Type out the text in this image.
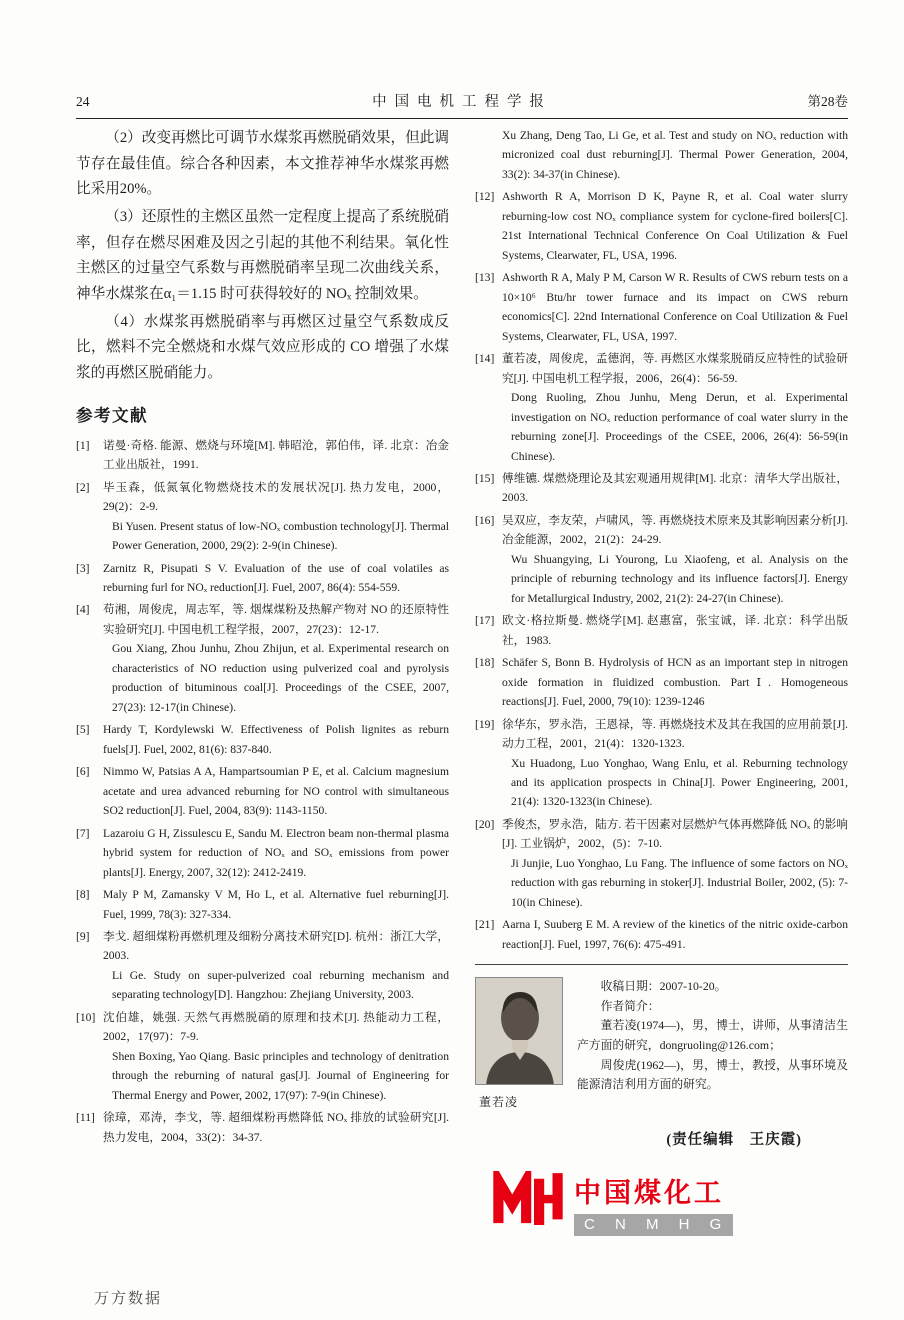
24	中国电机工程学报	第28卷

（2）改变再燃比可调节水煤浆再燃脱硝效果，但此调节存在最佳值。综合各种因素，本文推荐神华水煤浆再燃比采用20%。

（3）还原性的主燃区虽然一定程度上提高了系统脱硝率，但存在燃尽困难及因之引起的其他不利结果。氧化性主燃区的过量空气系数与再燃脱硝率呈现二次曲线关系，神华水煤浆在α₁＝1.15 时可获得较好的 NOₓ 控制效果。

（4）水煤浆再燃脱硝率与再燃区过量空气系数成反比，燃料不完全燃烧和水煤气效应形成的 CO 增强了水煤浆的再燃区脱硝能力。

参考文献
[1]	诺曼·奇格. 能源、燃烧与环境[M]. 韩昭沧，郭伯伟，译. 北京：冶金工业出版社，1991.
[2]	毕玉森，低氮氧化物燃烧技术的发展状况[J]. 热力发电，2000，29(2)：2-9.
Bi Yusen. Present status of low-NOₓ combustion technology[J]. Thermal Power Generation, 2000, 29(2): 2-9(in Chinese).
[3]	Zarnitz R, Pisupati S V. Evaluation of the use of coal volatiles as reburning furl for NOₓ reduction[J]. Fuel, 2007, 86(4): 554-559.
[4]	苟湘，周俊虎，周志军，等. 烟煤煤粉及热解产物对 NO 的还原特性实验研究[J]. 中国电机工程学报，2007，27(23)：12-17.
Gou Xiang, Zhou Junhu, Zhou Zhijun, et al. Experimental research on characteristics of NO reduction using pulverized coal and pyrolysis production of bituminous coal[J]. Proceedings of the CSEE, 2007, 27(23): 12-17(in Chinese).
[5]	Hardy T, Kordylewski W. Effectiveness of Polish lignites as reburn fuels[J]. Fuel, 2002, 81(6): 837-840.
[6]	Nimmo W, Patsias A A, Hampartsoumian P E, et al. Calcium magnesium acetate and urea advanced reburning for NO control with simultaneous SO2 reduction[J]. Fuel, 2004, 83(9): 1143-1150.
[7]	Lazaroiu G H, Zissulescu E, Sandu M. Electron beam non-thermal plasma hybrid system for reduction of NOₓ and SOₓ emissions from power plants[J]. Energy, 2007, 32(12): 2412-2419.
[8]	Maly P M, Zamansky V M, Ho L, et al. Alternative fuel reburning[J]. Fuel, 1999, 78(3): 327-334.
[9]	李戈. 超细煤粉再燃机理及细粉分离技术研究[D]. 杭州：浙江大学，2003.
Li Ge. Study on super-pulverized coal reburning mechanism and separating technology[D]. Hangzhou: Zhejiang University, 2003.
[10] 沈伯雄，姚强. 天然气再燃脱硝的原理和技术[J]. 热能动力工程，2002，17(97)：7-9.
Shen Boxing, Yao Qiang. Basic principles and technology of denitration through the reburning of natural gas[J]. Journal of Engineering for Thermal Energy and Power, 2002, 17(97): 7-9(in Chinese).
[11] 徐璋，邓涛，李戈，等. 超细煤粉再燃降低 NOₓ 排放的试验研究[J]. 热力发电，2004，33(2)：34-37.
Xu Zhang, Deng Tao, Li Ge, et al. Test and study on NOₓ reduction with micronized coal dust reburning[J]. Thermal Power Generation, 2004, 33(2): 34-37(in Chinese).
[12] Ashworth R A, Morrison D K, Payne R, et al. Coal water slurry reburning-low cost NOₓ compliance system for cyclone-fired boilers[C]. 21st International Technical Conference On Coal Utilization & Fuel Systems, Clearwater, FL, USA, 1996.
[13] Ashworth R A, Maly P M, Carson W R. Results of CWS reburn tests on a 10×10⁶ Btu/hr tower furnace and its impact on CWS reburn economics[C]. 22nd International Conference on Coal Utilization & Fuel Systems, Clearwater, FL, USA, 1997.
[14] 董若凌，周俊虎，孟德润，等. 再燃区水煤浆脱硝反应特性的试验研究[J]. 中国电机工程学报，2006，26(4)：56-59.
Dong Ruoling, Zhou Junhu, Meng Derun, et al. Experimental investigation on NOₓ reduction performance of coal water slurry in the reburning zone[J]. Proceedings of the CSEE, 2006, 26(4): 56-59(in Chinese).
[15] 傅维镳. 煤燃烧理论及其宏观通用规律[M]. 北京：清华大学出版社，2003.
[16] 吴双应，李友荣，卢啸风，等. 再燃烧技术原来及其影响因素分析[J]. 冶金能源，2002，21(2)：24-29.
Wu Shuangying, Li Yourong, Lu Xiaofeng, et al. Analysis on the principle of reburning technology and its influence factors[J]. Energy for Metallurgical Industry, 2002, 21(2): 24-27(in Chinese).
[17] 欧文·格拉斯曼. 燃烧学[M]. 赵惠富，张宝诚，译. 北京：科学出版社，1983.
[18] Schäfer S, Bonn B. Hydrolysis of HCN as an important step in nitrogen oxide formation in fluidized combustion. PartⅠ. Homogeneous reactions[J]. Fuel, 2000, 79(10): 1239-1246
[19] 徐华东，罗永浩，王恩禄，等. 再燃烧技术及其在我国的应用前景[J]. 动力工程，2001，21(4)：1320-1323.
Xu Huadong, Luo Yonghao, Wang Enlu, et al. Reburning technology and its application prospects in China[J]. Power Engineering, 2001, 21(4): 1320-1323(in Chinese).
[20] 季俊杰，罗永浩，陆方. 若干因素对层燃炉气体再燃降低 NOₓ 的影响[J]. 工业锅炉，2002，(5)：7-10.
Ji Junjie, Luo Yonghao, Lu Fang. The influence of some factors on NOₓ reduction with gas reburning in stoker[J]. Industrial Boiler, 2002, (5): 7-10(in Chinese).
[21] Aarna I, Suuberg E M. A review of the kinetics of the nitric oxide-carbon reaction[J]. Fuel, 1997, 76(6): 475-491.
董若凌

收稿日期：2007-10-20。

作者简介：

董若凌(1974—)，男，博士，讲师，从事清洁生产方面的研究，dongruoling@126.com；

周俊虎(1962—)，男，博士，教授，从事环境及能源清洁利用方面的研究。

(责任编辑　王庆霞)
中国煤化工
C N M H G
万方数据
